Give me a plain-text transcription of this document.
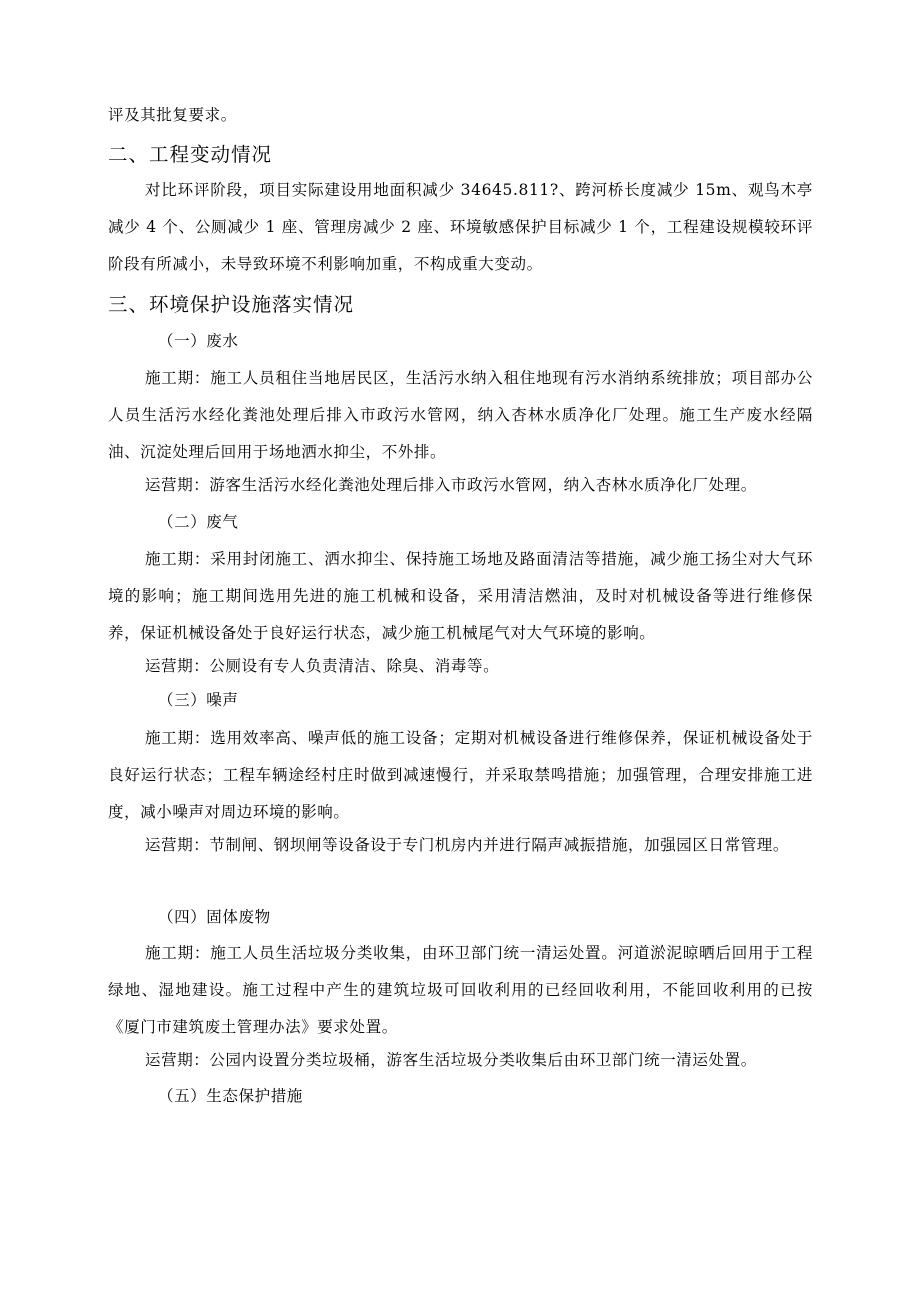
评及其批复要求。

二、工程变动情况

对比环评阶段，项目实际建设用地面积减少 34645.811?、跨河桥长度减少 15m、观鸟木亭减少 4 个、公厕减少 1 座、管理房减少 2 座、环境敏感保护目标减少 1 个，工程建设规模较环评阶段有所减小，未导致环境不利影响加重，不构成重大变动。

三、环境保护设施落实情况

（一）废水

施工期：施工人员租住当地居民区，生活污水纳入租住地现有污水消纳系统排放；项目部办公人员生活污水经化粪池处理后排入市政污水管网，纳入杏林水质净化厂处理。施工生产废水经隔油、沉淀处理后回用于场地洒水抑尘，不外排。

运营期：游客生活污水经化粪池处理后排入市政污水管网，纳入杏林水质净化厂处理。

（二）废气

施工期：采用封闭施工、洒水抑尘、保持施工场地及路面清洁等措施，减少施工扬尘对大气环境的影响；施工期间选用先进的施工机械和设备，采用清洁燃油，及时对机械设备等进行维修保养，保证机械设备处于良好运行状态，减少施工机械尾气对大气环境的影响。

运营期：公厕设有专人负责清洁、除臭、消毒等。

（三）噪声

施工期：选用效率高、噪声低的施工设备；定期对机械设备进行维修保养，保证机械设备处于良好运行状态；工程车辆途经村庄时做到减速慢行，并采取禁鸣措施；加强管理，合理安排施工进度，减小噪声对周边环境的影响。

运营期：节制闸、钢坝闸等设备设于专门机房内并进行隔声减振措施，加强园区日常管理。

（四）固体废物

施工期：施工人员生活垃圾分类收集，由环卫部门统一清运处置。河道淤泥晾晒后回用于工程绿地、湿地建设。施工过程中产生的建筑垃圾可回收利用的已经回收利用，不能回收利用的已按《厦门市建筑废土管理办法》要求处置。

运营期：公园内设置分类垃圾桶，游客生活垃圾分类收集后由环卫部门统一清运处置。

（五）生态保护措施
